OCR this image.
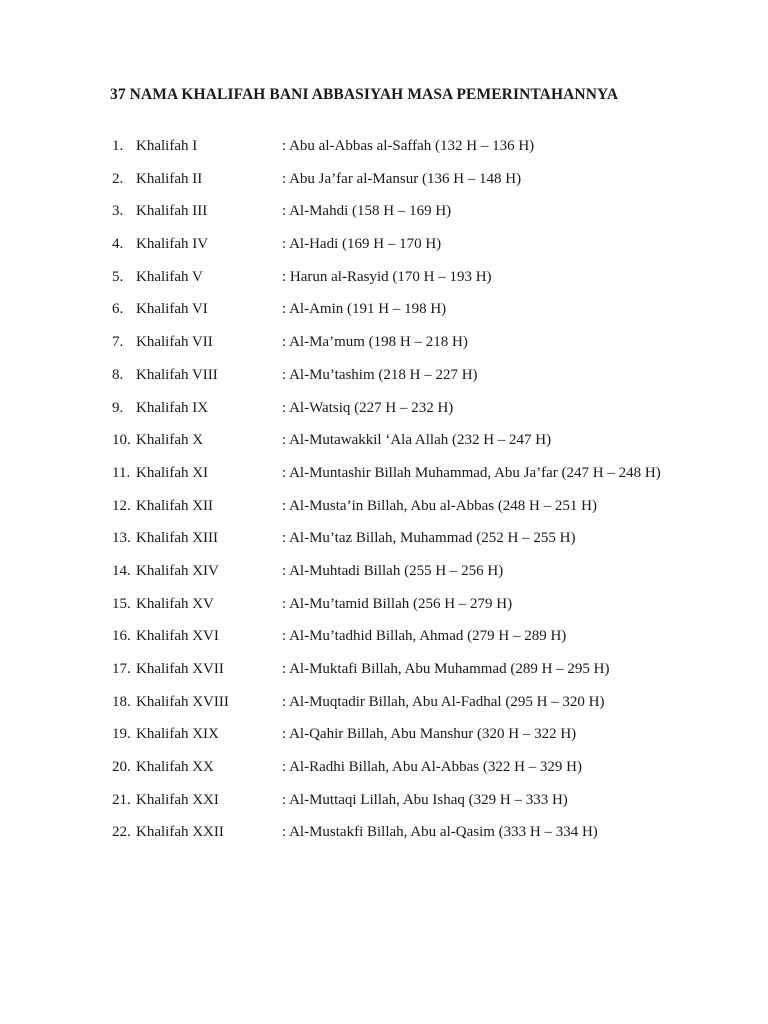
37 NAMA KHALIFAH BANI ABBASIYAH MASA PEMERINTAHANNYA
1. Khalifah I	: Abu al-Abbas al-Saffah (132 H – 136 H)
2. Khalifah II	: Abu Ja’far al-Mansur (136 H – 148 H)
3. Khalifah III	: Al-Mahdi (158 H – 169 H)
4. Khalifah IV	: Al-Hadi (169 H – 170 H)
5. Khalifah V	: Harun al-Rasyid (170 H – 193 H)
6. Khalifah VI	: Al-Amin (191 H – 198 H)
7. Khalifah VII	: Al-Ma’mum (198 H – 218 H)
8. Khalifah VIII	: Al-Mu’tashim (218 H – 227 H)
9. Khalifah IX	: Al-Watsiq (227 H – 232 H)
10. Khalifah X	: Al-Mutawakkil ‘Ala Allah (232 H – 247 H)
11. Khalifah XI	: Al-Muntashir Billah Muhammad, Abu Ja’far (247 H – 248 H)
12. Khalifah XII	: Al-Musta’in Billah, Abu al-Abbas (248 H – 251 H)
13. Khalifah XIII	: Al-Mu’taz Billah, Muhammad (252 H – 255 H)
14. Khalifah XIV	: Al-Muhtadi Billah (255 H – 256 H)
15. Khalifah XV	: Al-Mu’tamid Billah (256 H – 279 H)
16. Khalifah XVI	: Al-Mu’tadhid Billah, Ahmad (279 H – 289 H)
17. Khalifah XVII	: Al-Muktafi Billah, Abu Muhammad (289 H – 295 H)
18. Khalifah XVIII	: Al-Muqtadir Billah, Abu Al-Fadhal (295 H – 320 H)
19. Khalifah XIX	: Al-Qahir Billah, Abu Manshur (320 H – 322 H)
20. Khalifah XX	: Al-Radhi Billah, Abu Al-Abbas (322 H – 329 H)
21. Khalifah XXI	: Al-Muttaqi Lillah, Abu Ishaq (329 H – 333 H)
22. Khalifah XXII	: Al-Mustakfi Billah, Abu al-Qasim (333 H – 334 H)
